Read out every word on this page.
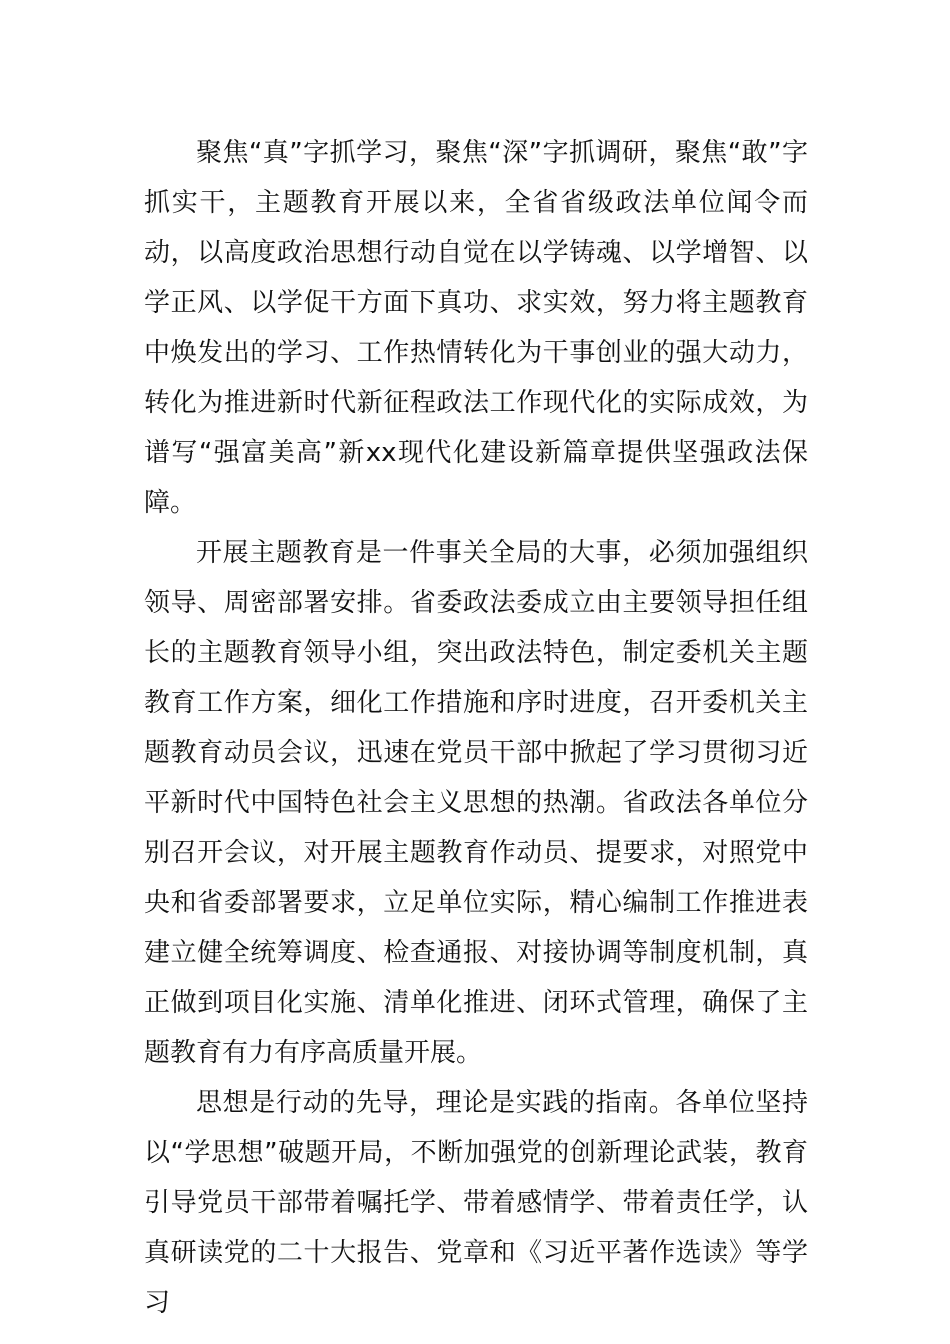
聚焦“真”字抓学习，聚焦“深”字抓调研，聚焦“敢”字抓实干，主题教育开展以来，全省省级政法单位闻令而动，以高度政治思想行动自觉在以学铸魂、以学增智、以学正风、以学促干方面下真功、求实效，努力将主题教育中焕发出的学习、工作热情转化为干事创业的强大动力，转化为推进新时代新征程政法工作现代化的实际成效，为谱写“强富美高”新xx现代化建设新篇章提供坚强政法保障。

开展主题教育是一件事关全局的大事，必须加强组织领导、周密部署安排。省委政法委成立由主要领导担任组长的主题教育领导小组，突出政法特色，制定委机关主题教育工作方案，细化工作措施和序时进度，召开委机关主题教育动员会议，迅速在党员干部中掀起了学习贯彻习近平新时代中国特色社会主义思想的热潮。省政法各单位分别召开会议，对开展主题教育作动员、提要求，对照党中央和省委部署要求，立足单位实际，精心编制工作推进表建立健全统筹调度、检查通报、对接协调等制度机制，真正做到项目化实施、清单化推进、闭环式管理，确保了主题教育有力有序高质量开展。

思想是行动的先导，理论是实践的指南。各单位坚持以“学思想”破题开局，不断加强党的创新理论武装，教育引导党员干部带着嘱托学、带着感情学、带着责任学，认真研读党的二十大报告、党章和《习近平著作选读》等学习
